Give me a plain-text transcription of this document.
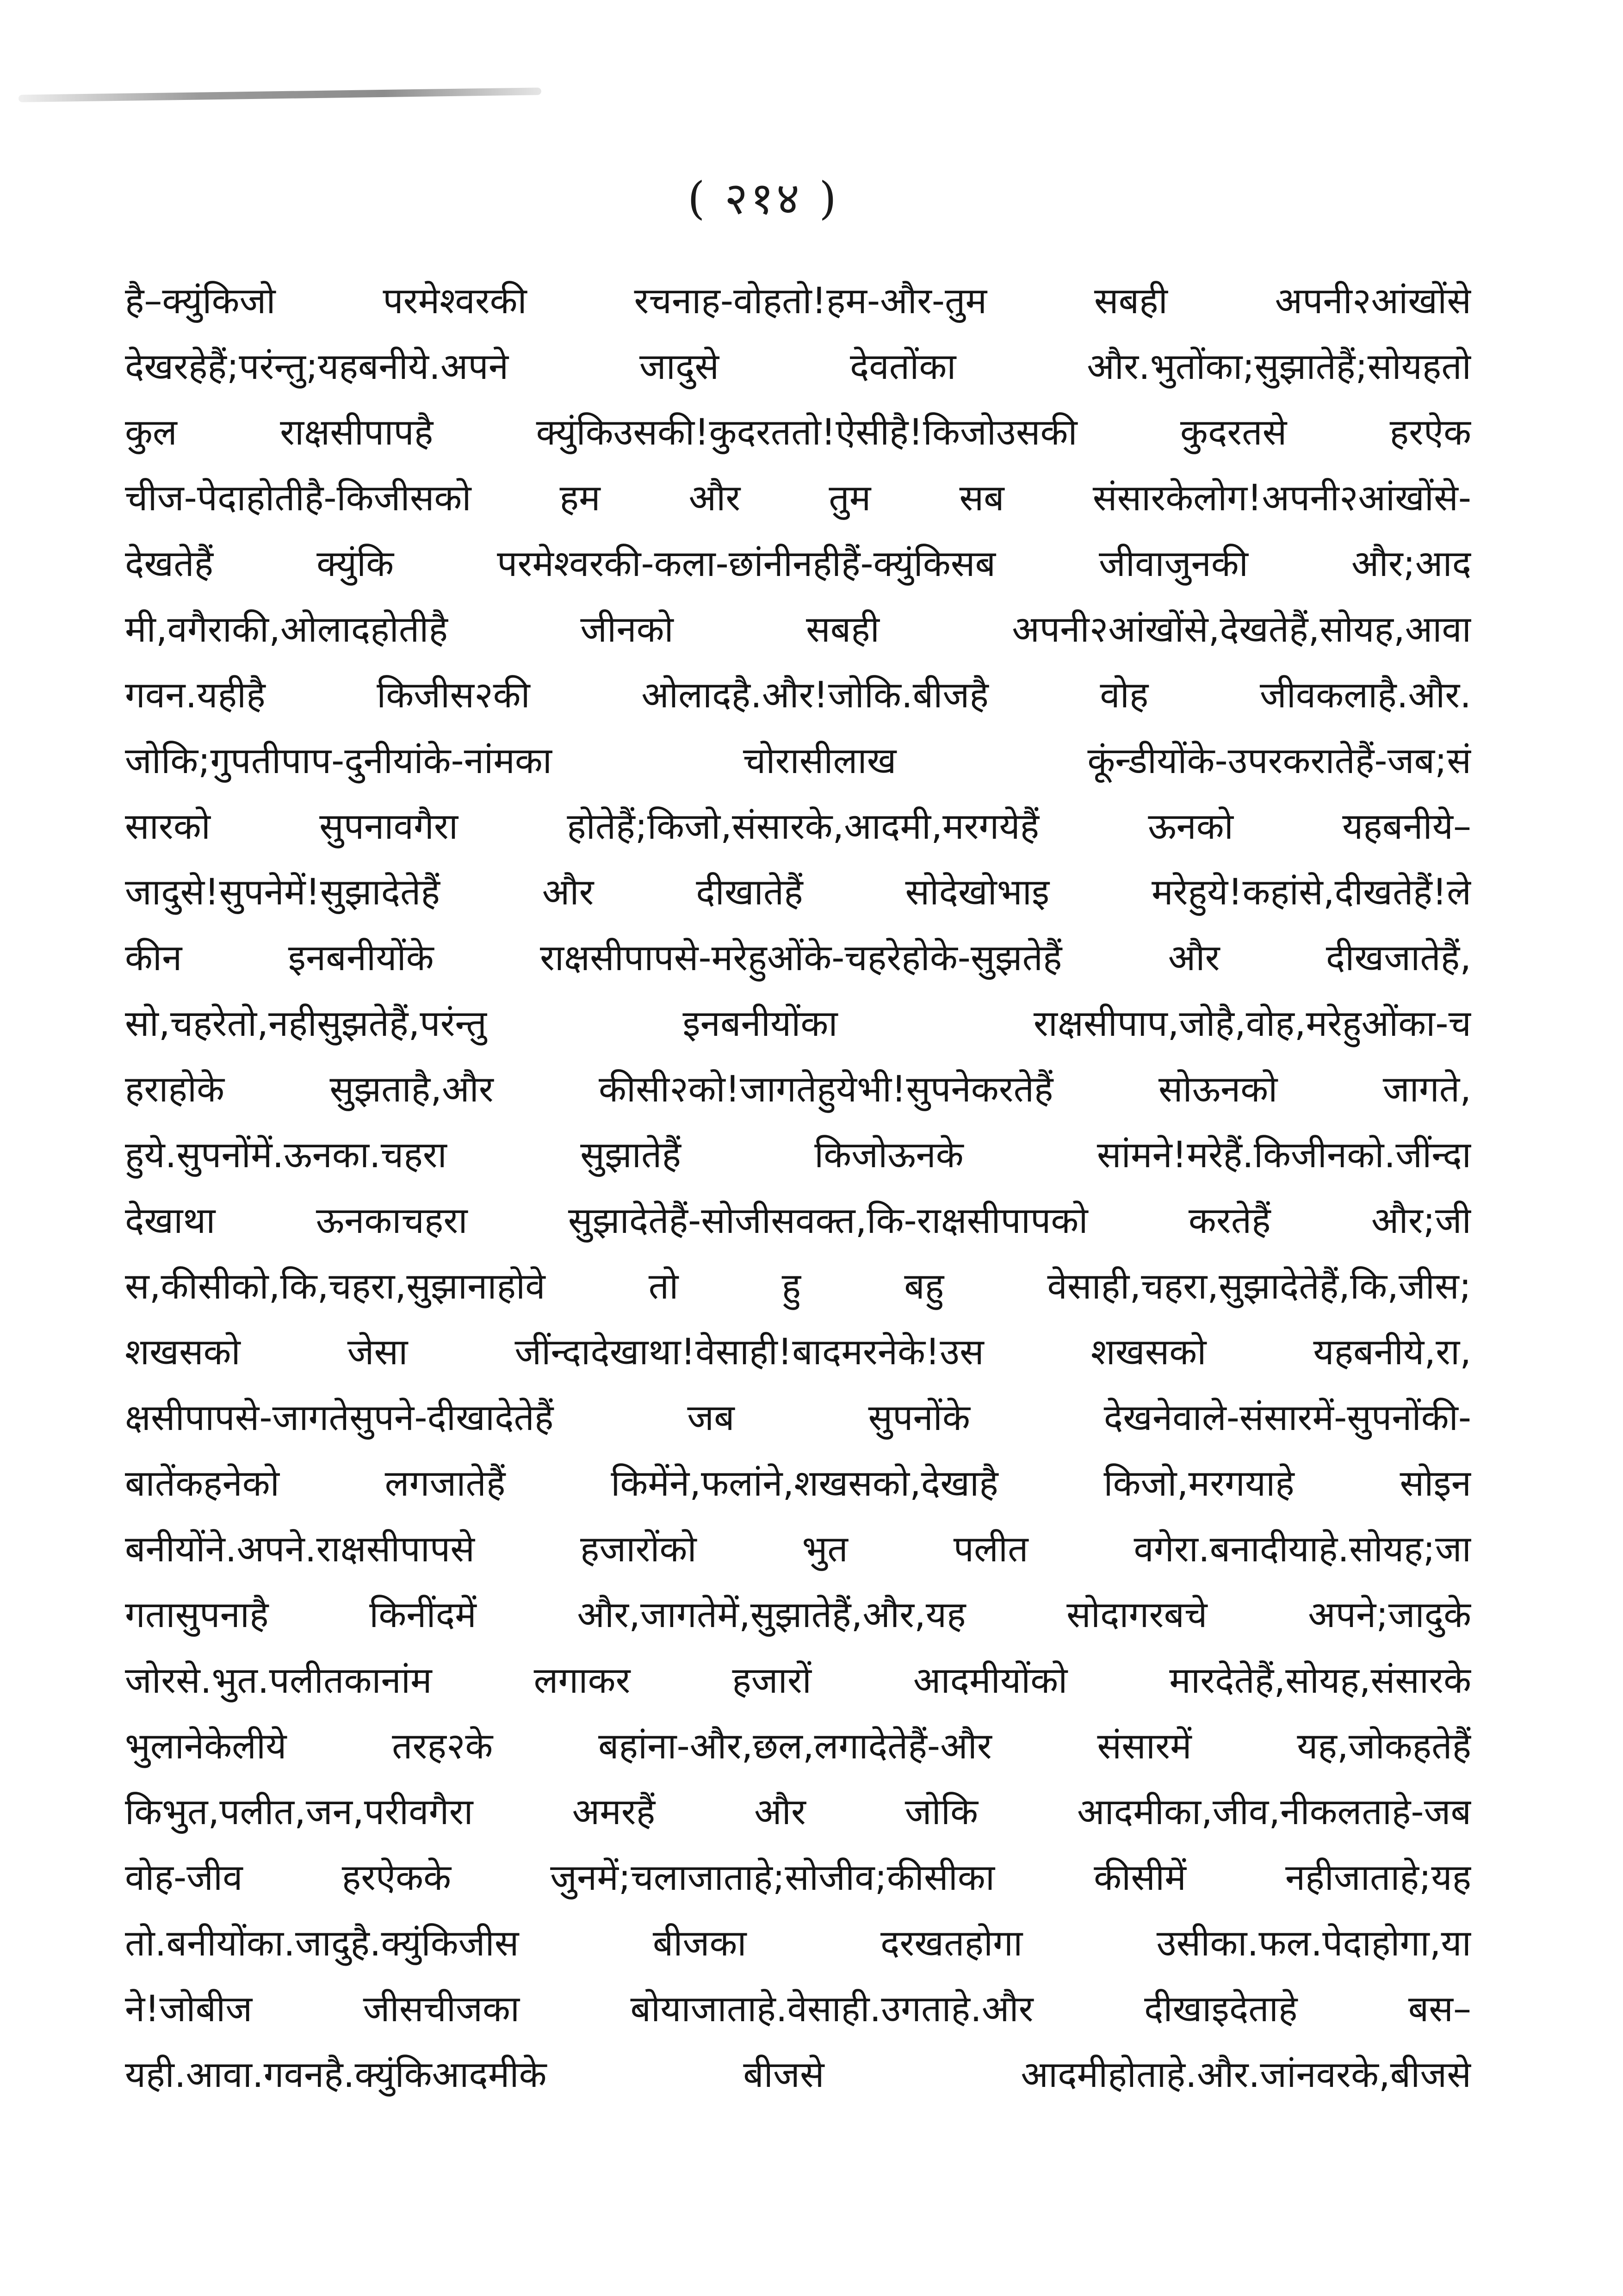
( २१४ )
है–क्युंकिजो परमेश्वरकी रचनाह-वोहतो!हम-और-तुम सबही अपनी२आंखोंसे
देखरहेहैं;परंन्तु;यहबनीये.अपने जादुसे देवतोंका और.भुतोंका;सुझातेहैं;सोयहतो
कुल राक्षसीपापहै क्युंकिउसकी!कुदरततो!ऐसीहै!किजोउसकी कुदरतसे हरऐक
चीज-पेदाहोतीहै-किजीसको हम और तुम सब संसारकेलोग!अपनी२आंखोंसे-
देखतेहैं क्युंकि परमेश्वरकी-कला-छांनीनहीहैं-क्युंकिसब जीवाजुनकी और;आद
मी,वगैराकी,ओलादहोतीहै जीनको सबही अपनी२आंखोंसे,देखतेहैं,सोयह,आवा
गवन.यहीहै किजीस२की ओलादहै.और!जोकि.बीजहै वोह जीवकलाहै.और.
जोकि;गुपतीपाप-दुनीयांके-नांमका चोरासीलाख कूंन्डीयोंके-उपरकरातेहैं-जब;सं
सारको सुपनावगैरा होतेहैं;किजो,संसारके,आदमी,मरगयेहैं ऊनको यहबनीये–
जादुसे!सुपनेमें!सुझादेतेहैं और दीखातेहैं सोदेखोभाइ मरेहुये!कहांसे,दीखतेहैं!ले
कीन इनबनीयोंके राक्षसीपापसे-मरेहुओंके-चहरेहोके-सुझतेहैं और दीखजातेहैं,
सो,चहरेतो,नहीसुझतेहैं,परंन्तु इनबनीयोंका राक्षसीपाप,जोहै,वोह,मरेहुओंका-च
हराहोके सुझताहै,और कीसी२को!जागतेहुयेभी!सुपनेकरतेहैं सोऊनको जागते,
हुये.सुपनोंमें.ऊनका.चहरा सुझातेहैं किजोऊनके सांमने!मरेहैं.किजीनको.जींन्दा
देखाथा ऊनकाचहरा सुझादेतेहैं-सोजीसवक्त,कि-राक्षसीपापको करतेहैं और;जी
स,कीसीको,कि,चहरा,सुझानाहोवे तो हु बहु वेसाही,चहरा,सुझादेतेहैं,कि,जीस;
शखसको जेसा जींन्दादेखाथा!वेसाही!बादमरनेके!उस शखसको यहबनीये,रा,
क्षसीपापसे-जागतेसुपने-दीखादेतेहैं जब सुपनोंके देखनेवाले-संसारमें-सुपनोंकी-
बातेंकहनेको लगजातेहैं किमेंने,फलांने,शखसको,देखाहै किजो,मरगयाहे सोइन
बनीयोंने.अपने.राक्षसीपापसे हजारोंको भुत पलीत वगेरा.बनादीयाहे.सोयह;जा
गतासुपनाहै किनींदमें और,जागतेमें,सुझातेहैं,और,यह सोदागरबचे अपने;जादुके
जोरसे.भुत.पलीतकानांम लगाकर हजारों आदमीयोंको मारदेतेहैं,सोयह,संसारके
भुलानेकेलीये तरह२के बहांना-और,छल,लगादेतेहैं-और संसारमें यह,जोकहतेहैं
किभुत,पलीत,जन,परीवगैरा अमरहैं और जोकि आदमीका,जीव,नीकलताहे-जब
वोह-जीव हरऐकके जुनमें;चलाजाताहे;सोजीव;कीसीका कीसीमें नहीजाताहे;यह
तो.बनीयोंका.जादुहै.क्युंकिजीस बीजका दरखतहोगा उसीका.फल.पेदाहोगा,या
ने!जोबीज जीसचीजका बोयाजाताहे.वेसाही.उगताहे.और दीखाइदेताहे बस–
यही.आवा.गवनहै.क्युंकिआदमीके बीजसे आदमीहोताहे.और.जांनवरके,बीजसे
